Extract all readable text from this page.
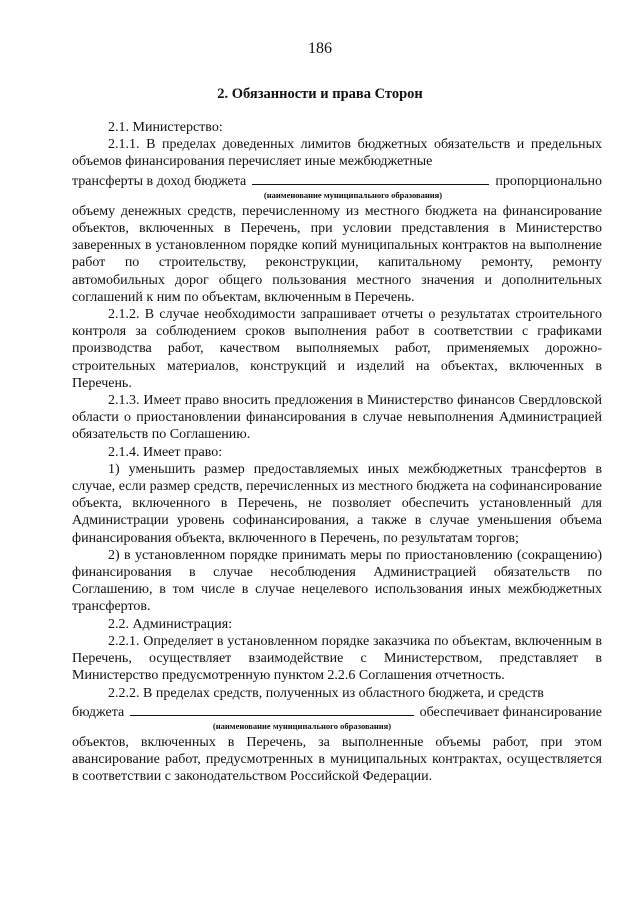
186
2. Обязанности и права Сторон

2.1. Министерство:

2.1.1. В пределах доведенных лимитов бюджетных обязательств и предельных объемов финансирования перечисляет иные межбюджетные

трансферты в доход бюджета	пропорционально
(наименование муниципального образования)

объему денежных средств, перечисленному из местного бюджета на финансирование объектов, включенных в Перечень, при условии представления в Министерство заверенных в установленном порядке копий муниципальных контрактов на выполнение работ по строительству, реконструкции, капитальному ремонту, ремонту автомобильных дорог общего пользования местного значения и дополнительных соглашений к ним по объектам, включенным в Перечень.

2.1.2. В случае необходимости запрашивает отчеты о результатах строительного контроля за соблюдением сроков выполнения работ в соответствии с графиками производства работ, качеством выполняемых работ, применяемых дорожно-строительных материалов, конструкций и изделий на объектах, включенных в Перечень.

2.1.3. Имеет право вносить предложения в Министерство финансов Свердловской области о приостановлении финансирования в случае невыполнения Администрацией обязательств по Соглашению.

2.1.4. Имеет право:

1) уменьшить размер предоставляемых иных межбюджетных трансфертов в случае, если размер средств, перечисленных из местного бюджета на софинансирование объекта, включенного в Перечень, не позволяет обеспечить установленный для Администрации уровень софинансирования, а также в случае уменьшения объема финансирования объекта, включенного в Перечень, по результатам торгов;

2) в установленном порядке принимать меры по приостановлению (сокращению) финансирования в случае несоблюдения Администрацией обязательств по Соглашению, в том числе в случае нецелевого использования иных межбюджетных трансфертов.

2.2. Администрация:

2.2.1. Определяет в установленном порядке заказчика по объектам, включенным в Перечень, осуществляет взаимодействие с Министерством, представляет в Министерство предусмотренную пунктом 2.2.6 Соглашения отчетность.

2.2.2. В пределах средств, полученных из областного бюджета, и средств

бюджета	обеспечивает финансирование
(наименование муниципального образования)

объектов, включенных в Перечень, за выполненные объемы работ, при этом авансирование работ, предусмотренных в муниципальных контрактах, осуществляется в соответствии с законодательством Российской Федерации.
